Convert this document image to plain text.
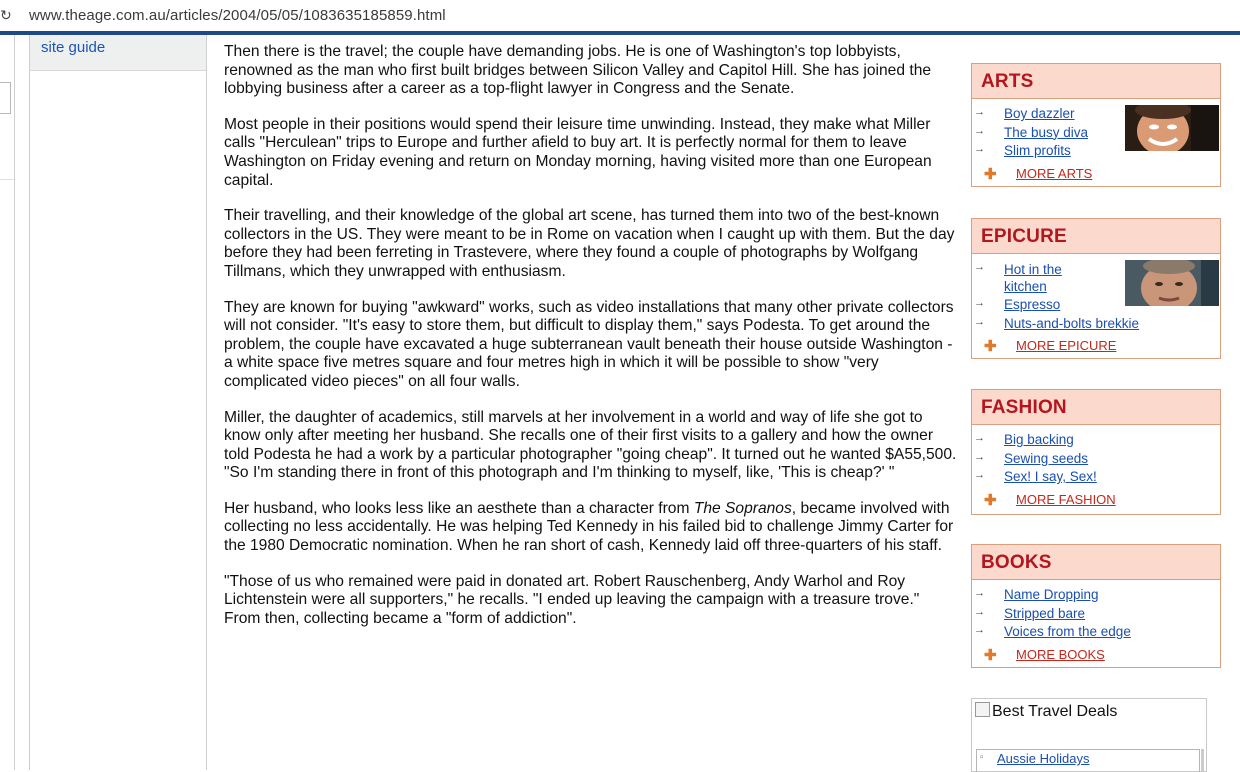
↻ www.theage.com.au/articles/2004/05/05/1083635185859.html
site guide	Then there is the travel; the couple have demanding jobs. He is one of Washington's top lobbyists, renowned as the man who first built bridges between Silicon Valley and Capitol Hill. She has joined the lobbying business after a career as a top-flight lawyer in Congress and the Senate.

Most people in their positions would spend their leisure time unwinding. Instead, they make what Miller calls "Herculean" trips to Europe and further afield to buy art. It is perfectly normal for them to leave Washington on Friday evening and return on Monday morning, having visited more than one European capital.

Their travelling, and their knowledge of the global art scene, has turned them into two of the best-known collectors in the US. They were meant to be in Rome on vacation when I caught up with them. But the day before they had been ferreting in Trastevere, where they found a couple of photographs by Wolfgang Tillmans, which they unwrapped with enthusiasm.

They are known for buying "awkward" works, such as video installations that many other private collectors will not consider. "It's easy to store them, but difficult to display them," says Podesta. To get around the problem, the couple have excavated a huge subterranean vault beneath their house outside Washington - a white space five metres square and four metres high in which it will be possible to show "very complicated video pieces" on all four walls.

Miller, the daughter of academics, still marvels at her involvement in a world and way of life she got to know only after meeting her husband. She recalls one of their first visits to a gallery and how the owner told Podesta he had a work by a particular photographer "going cheap". It turned out he wanted $A55,500. "So I'm standing there in front of this photograph and I'm thinking to myself, like, 'This is cheap?' "

Her husband, who looks less like an aesthete than a character from The Sopranos, became involved with collecting no less accidentally. He was helping Ted Kennedy in his failed bid to challenge Jimmy Carter for the 1980 Democratic nomination. When he ran short of cash, Kennedy laid off three-quarters of his staff.

"Those of us who remained were paid in donated art. Robert Rauschenberg, Andy Warhol and Roy Lichtenstein were all supporters," he recalls. "I ended up leaving the campaign with a treasure trove." From then, collecting became a "form of addiction".

ARTS
→ Boy dazzler
→ The busy diva
→ Slim profits
✚ MORE ARTS
EPICURE
→ Hot in the kitchen
→ Espresso
→ Nuts-and-bolts brekkie
✚ MORE EPICURE
FASHION
→ Big backing
→ Sewing seeds
→ Sex! I say, Sex!
✚ MORE FASHION
BOOKS
→ Name Dropping
→ Stripped bare
→ Voices from the edge
✚ MORE BOOKS
Best Travel Deals
▫ Aussie Holidays
